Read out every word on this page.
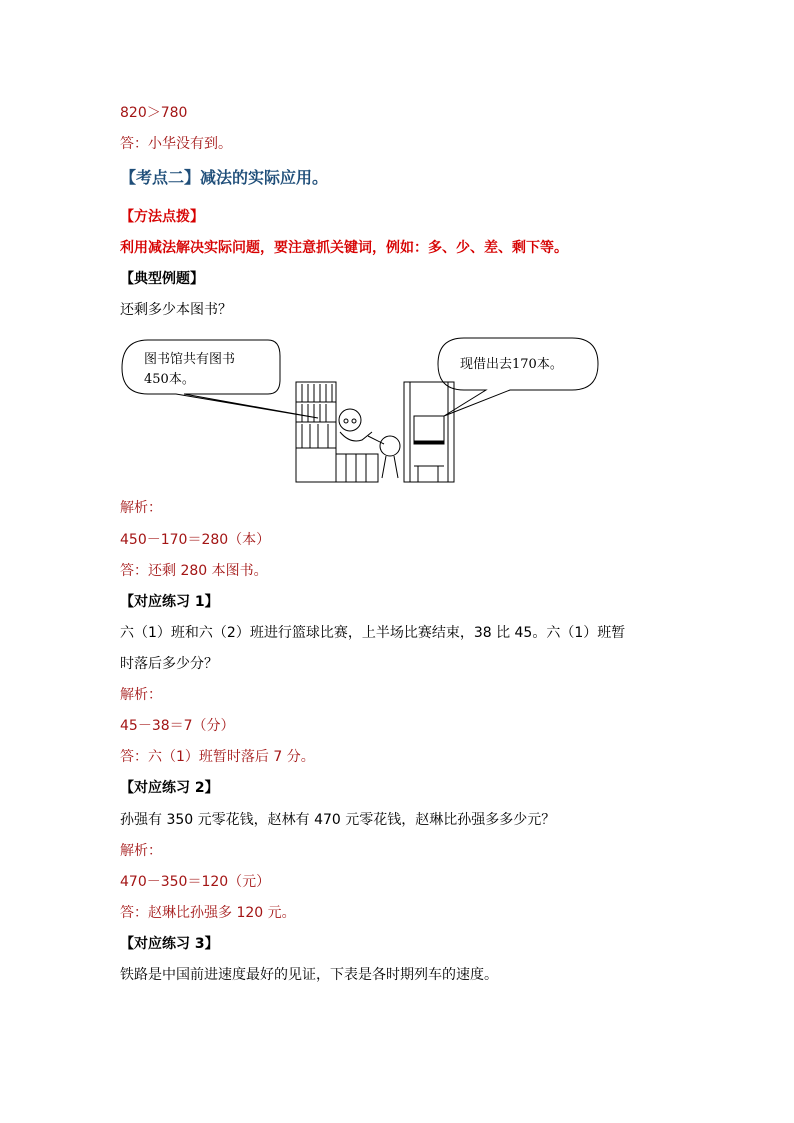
820＞780
答：小华没有到。
【考点二】减法的实际应用。
【方法点拨】
利用减法解决实际问题，要注意抓关键词，例如：多、少、差、剩下等。
【典型例题】
还剩多少本图书？
图书馆共有图书
450本。
现借出去170本。
解析：
450－170＝280（本）
答：还剩 280 本图书。
【对应练习 1】
六（1）班和六（2）班进行篮球比赛，上半场比赛结束，38 比 45。六（1）班暂
时落后多少分？
解析：
45－38＝7（分）
答：六（1）班暂时落后 7 分。
【对应练习 2】
孙强有 350 元零花钱，赵林有 470 元零花钱，赵琳比孙强多多少元？
解析：
470－350＝120（元）
答：赵琳比孙强多 120 元。
【对应练习 3】
铁路是中国前进速度最好的见证，下表是各时期列车的速度。
